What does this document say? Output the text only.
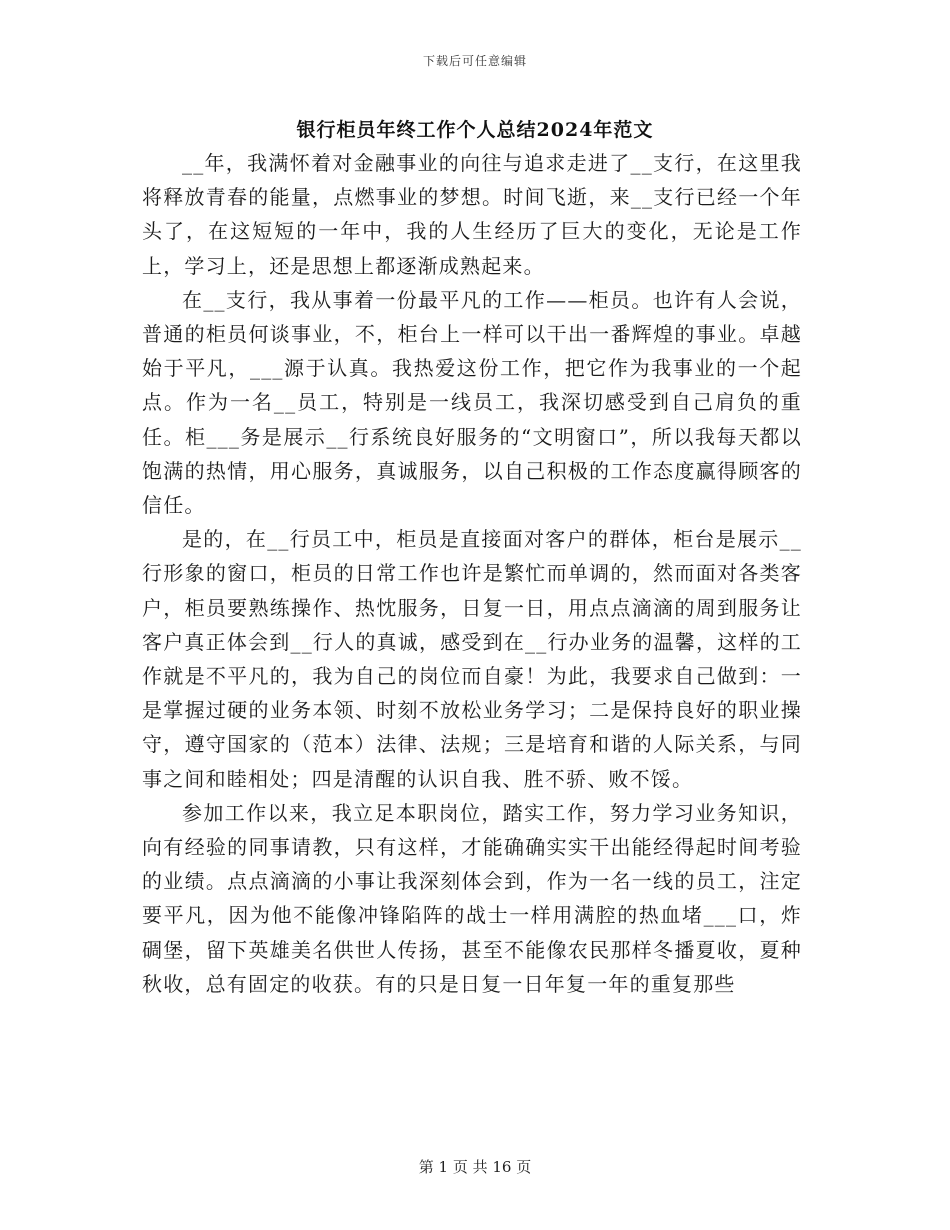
下载后可任意编辑
银行柜员年终工作个人总结2024年范文

__年，我满怀着对金融事业的向往与追求走进了__支行，在这里我将释放青春的能量，点燃事业的梦想。时间飞逝，来__支行已经一个年头了，在这短短的一年中，我的人生经历了巨大的变化，无论是工作上，学习上，还是思想上都逐渐成熟起来。

在__支行，我从事着一份最平凡的工作——柜员。也许有人会说，普通的柜员何谈事业，不，柜台上一样可以干出一番辉煌的事业。卓越始于平凡，___源于认真。我热爱这份工作，把它作为我事业的一个起点。作为一名__员工，特别是一线员工，我深切感受到自己肩负的重任。柜___务是展示__行系统良好服务的“文明窗口”，所以我每天都以饱满的热情，用心服务，真诚服务，以自己积极的工作态度赢得顾客的信任。

是的，在__行员工中，柜员是直接面对客户的群体，柜台是展示__行形象的窗口，柜员的日常工作也许是繁忙而单调的，然而面对各类客户，柜员要熟练操作、热忱服务，日复一日，用点点滴滴的周到服务让客户真正体会到__行人的真诚，感受到在__行办业务的温馨，这样的工作就是不平凡的，我为自己的岗位而自豪！为此，我要求自己做到：一是掌握过硬的业务本领、时刻不放松业务学习；二是保持良好的职业操守，遵守国家的（范本）法律、法规；三是培育和谐的人际关系，与同事之间和睦相处；四是清醒的认识自我、胜不骄、败不馁。

参加工作以来，我立足本职岗位，踏实工作，努力学习业务知识，向有经验的同事请教，只有这样，才能确确实实干出能经得起时间考验的业绩。点点滴滴的小事让我深刻体会到，作为一名一线的员工，注定要平凡，因为他不能像冲锋陷阵的战士一样用满腔的热血堵___口，炸碉堡，留下英雄美名供世人传扬，甚至不能像农民那样冬播夏收，夏种秋收，总有固定的收获。有的只是日复一日年复一年的重复那些

第 1 页 共 16 页
